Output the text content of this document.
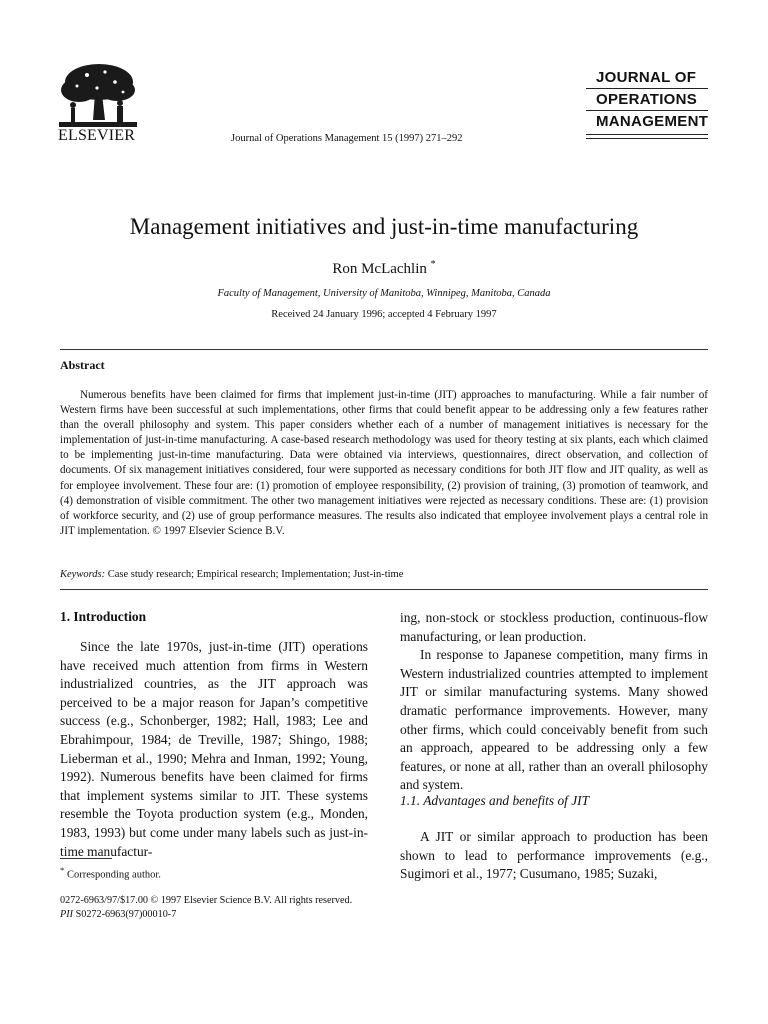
ELSEVIER	Journal of Operations Management 15 (1997) 271–292
JOURNAL OF
OPERATIONS
MANAGEMENT
Management initiatives and just-in-time manufacturing
Ron McLachlin *
Faculty of Management, University of Manitoba, Winnipeg, Manitoba, Canada
Received 24 January 1996; accepted 4 February 1997
Abstract
Numerous benefits have been claimed for firms that implement just-in-time (JIT) approaches to manufacturing. While a fair number of Western firms have been successful at such implementations, other firms that could benefit appear to be addressing only a few features rather than the overall philosophy and system. This paper considers whether each of a number of management initiatives is necessary for the implementation of just-in-time manufacturing. A case-based research methodology was used for theory testing at six plants, each which claimed to be implementing just-in-time manufacturing. Data were obtained via interviews, questionnaires, direct observation, and collection of documents. Of six management initiatives considered, four were supported as necessary conditions for both JIT flow and JIT quality, as well as for employee involvement. These four are: (1) promotion of employee responsibility, (2) provision of training, (3) promotion of teamwork, and (4) demonstration of visible commitment. The other two management initiatives were rejected as necessary conditions. These are: (1) provision of workforce security, and (2) use of group performance measures. The results also indicated that employee involvement plays a central role in JIT implementation. © 1997 Elsevier Science B.V.
Keywords: Case study research; Empirical research; Implementation; Just-in-time
1. Introduction
Since the late 1970s, just-in-time (JIT) operations have received much attention from firms in Western industrialized countries, as the JIT approach was perceived to be a major reason for Japan’s competitive success (e.g., Schonberger, 1982; Hall, 1983; Lee and Ebrahimpour, 1984; de Treville, 1987; Shingo, 1988; Lieberman et al., 1990; Mehra and Inman, 1992; Young, 1992). Numerous benefits have been claimed for firms that implement systems similar to JIT. These systems resemble the Toyota production system (e.g., Monden, 1983, 1993) but come under many labels such as just-in-time manufactur-
ing, non-stock or stockless production, continuous-flow manufacturing, or lean production.
In response to Japanese competition, many firms in Western industrialized countries attempted to implement JIT or similar manufacturing systems. Many showed dramatic performance improvements. However, many other firms, which could conceivably benefit from such an approach, appeared to be addressing only a few features, or none at all, rather than an overall philosophy and system.
1.1. Advantages and benefits of JIT
A JIT or similar approach to production has been shown to lead to performance improvements (e.g., Sugimori et al., 1977; Cusumano, 1985; Suzaki,
* Corresponding author.
0272-6963/97/$17.00 © 1997 Elsevier Science B.V. All rights reserved.
PII S0272-6963(97)00010-7
